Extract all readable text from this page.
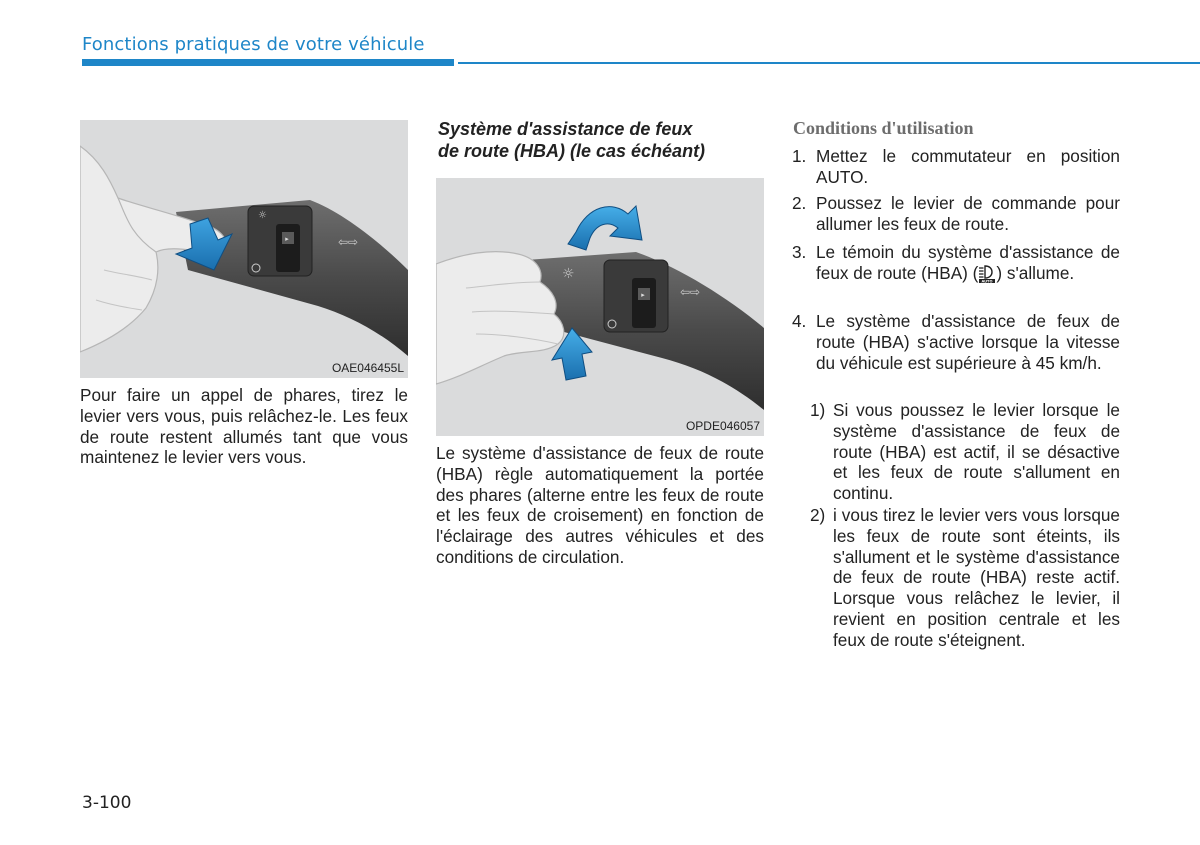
Fonctions pratiques de votre véhicule
▸	⇦⇨
☼
OAE046455L
▸
☼
⇦⇨
OPDE046057
Pour faire un appel de phares, tirez le levier vers vous, puis relâchez-le. Les feux de route restent allumés tant que vous maintenez le levier vers vous.
Système d'assistance de feux
de route (HBA) (le cas échéant)
Le système d'assistance de feux de route (HBA) règle automatiquement la portée des phares (alterne entre les feux de route et les feux de croisement) en fonction de l'éclairage des autres véhicules et des conditions de circulation.
Conditions d'utilisation
1. Mettez le commutateur en position AUTO.
2. Poussez le levier de commande pour allumer les feux de route.
3. Le témoin du système d'assistance de feux de route (HBA) ( AUTO ) s'allume.
4. Le système d'assistance de feux de route (HBA) s'active lorsque la vitesse du véhicule est supérieure à 45 km/h.
1) Si vous poussez le levier lorsque le système d'assistance de feux de route (HBA) est actif, il se désactive et les feux de route s'allument en continu.
2) i vous tirez le levier vers vous lorsque les feux de route sont éteints, ils s'allument et le système d'assistance de feux de route (HBA) reste actif. Lorsque vous relâchez le levier, il revient en position centrale et les feux de route s'éteignent.
3-100
